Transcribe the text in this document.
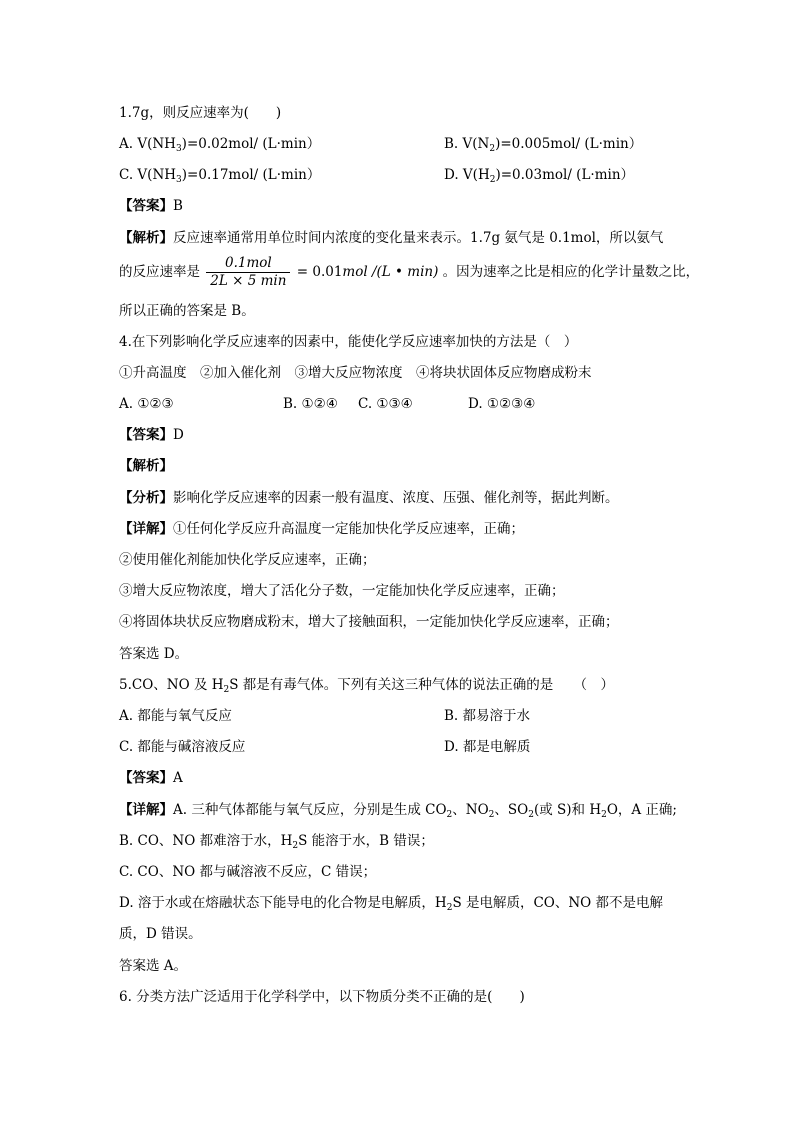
1.7g，则反应速率为(　　)
A. $V(NH_3)=0.02mol/$ (L·min）	B. $V(N_2)=0.005mol/$ (L·min）
C. $V(NH_3)=0.17mol/$ (L·min）	D. $V(H_2)=0.03mol/$ (L·min）
【答案】B
【解析】反应速率通常用单位时间内浓度的变化量来表示。1.7g 氨气是 0.1mol，所以氨气
的反应速率是 $\frac{\text{0.1mol}}{2L \times 5 \min} = 0.01mol$ /(L • min) 。因为速率之比是相应的化学计量数之比，
所以正确的答案是 B。
4.在下列影响化学反应速率的因素中，能使化学反应速率加快的方法是（　）
①升高温度　②加入催化剂　③增大反应物浓度　④将块状固体反应物磨成粉末
A. ①②③	B. ①②④ C. ①③④	D. ①②③④
【答案】D
【解析】
【分析】影响化学反应速率的因素一般有温度、浓度、压强、催化剂等，据此判断。
【详解】①任何化学反应升高温度一定能加快化学反应速率，正确；
②使用催化剂能加快化学反应速率，正确；
③增大反应物浓度，增大了活化分子数，一定能加快化学反应速率，正确；
④将固体块状反应物磨成粉末，增大了接触面积，一定能加快化学反应速率，正确；
答案选 D。
5.CO、NO 及 $H_2S$ 都是有毒气体。下列有关这三种气体的说法正确的是　　（　）
A. 都能与氧气反应	B. 都易溶于水
C. 都能与碱溶液反应	D. 都是电解质
【答案】A
【详解】A. 三种气体都能与氧气反应，分别是生成 $CO_2$、$NO_2$、$SO_2$(或 S)和 $H_2O$，A 正确;
B. CO、NO 都难溶于水，$H_2S$ 能溶于水，B 错误；
C. CO、NO 都与碱溶液不反应，C 错误；
D. 溶于水或在熔融状态下能导电的化合物是电解质，$H_2S$ 是电解质，CO、NO 都不是电解
质，D 错误。
答案选 A。
6. 分类方法广泛适用于化学科学中，以下物质分类不正确的是(　　)
